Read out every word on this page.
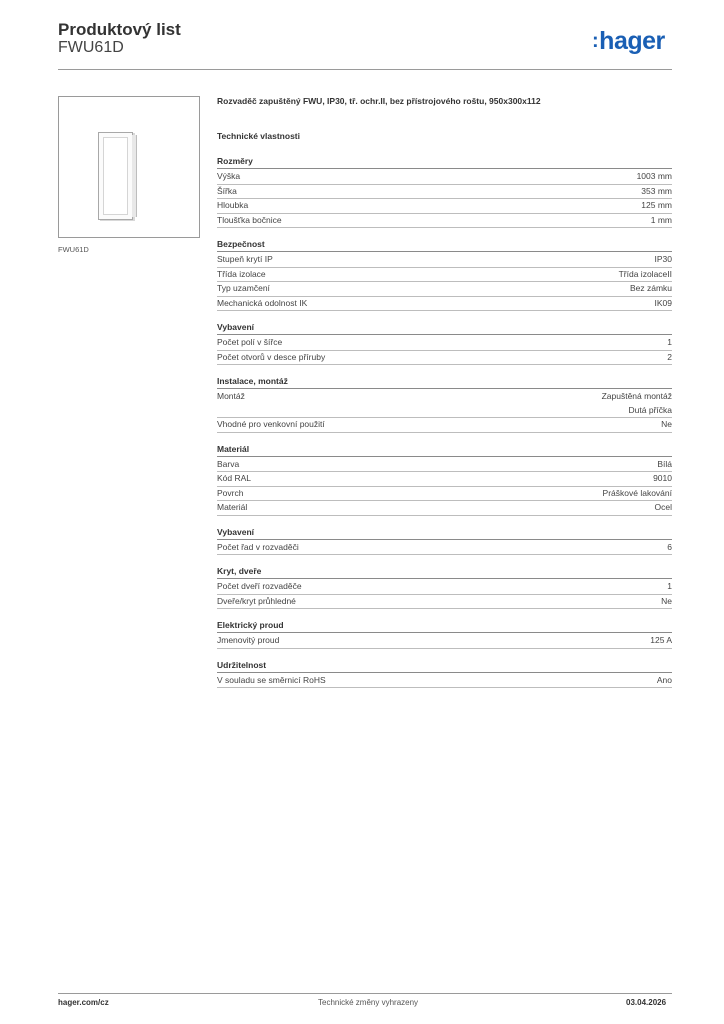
Produktový list
FWU61D	:hager
FWU61D
Rozvaděč zapuštěný FWU, IP30, tř. ochr.II, bez přístrojového roštu, 950x300x112
Technické vlastnosti
Rozměry
Výška	1003 mm
Šířka	353 mm
Hloubka	125 mm
Tloušťka bočnice	1 mm
Bezpečnost
Stupeň krytí IP	IP30
Třída izolace	Třída izolaceII
Typ uzamčení	Bez zámku
Mechanická odolnost IK	IK09
Vybavení
Počet polí v šířce	1
Počet otvorů v desce příruby	2
Instalace, montáž
Montáž	Zapuštěná montáž
Dutá příčka
Vhodné pro venkovní použití	Ne
Materiál
Barva	Bílá
Kód RAL	9010
Povrch	Práškové lakování
Materiál	Ocel
Vybavení
Počet řad v rozvaděči	6
Kryt, dveře
Počet dveří rozvaděče	1
Dveře/kryt průhledné	Ne
Elektrický proud
Jmenovitý proud	125 A
Udržitelnost
V souladu se směrnicí RoHS	Ano
hager.com/cz	Technické změny vyhrazeny	03.04.2026
